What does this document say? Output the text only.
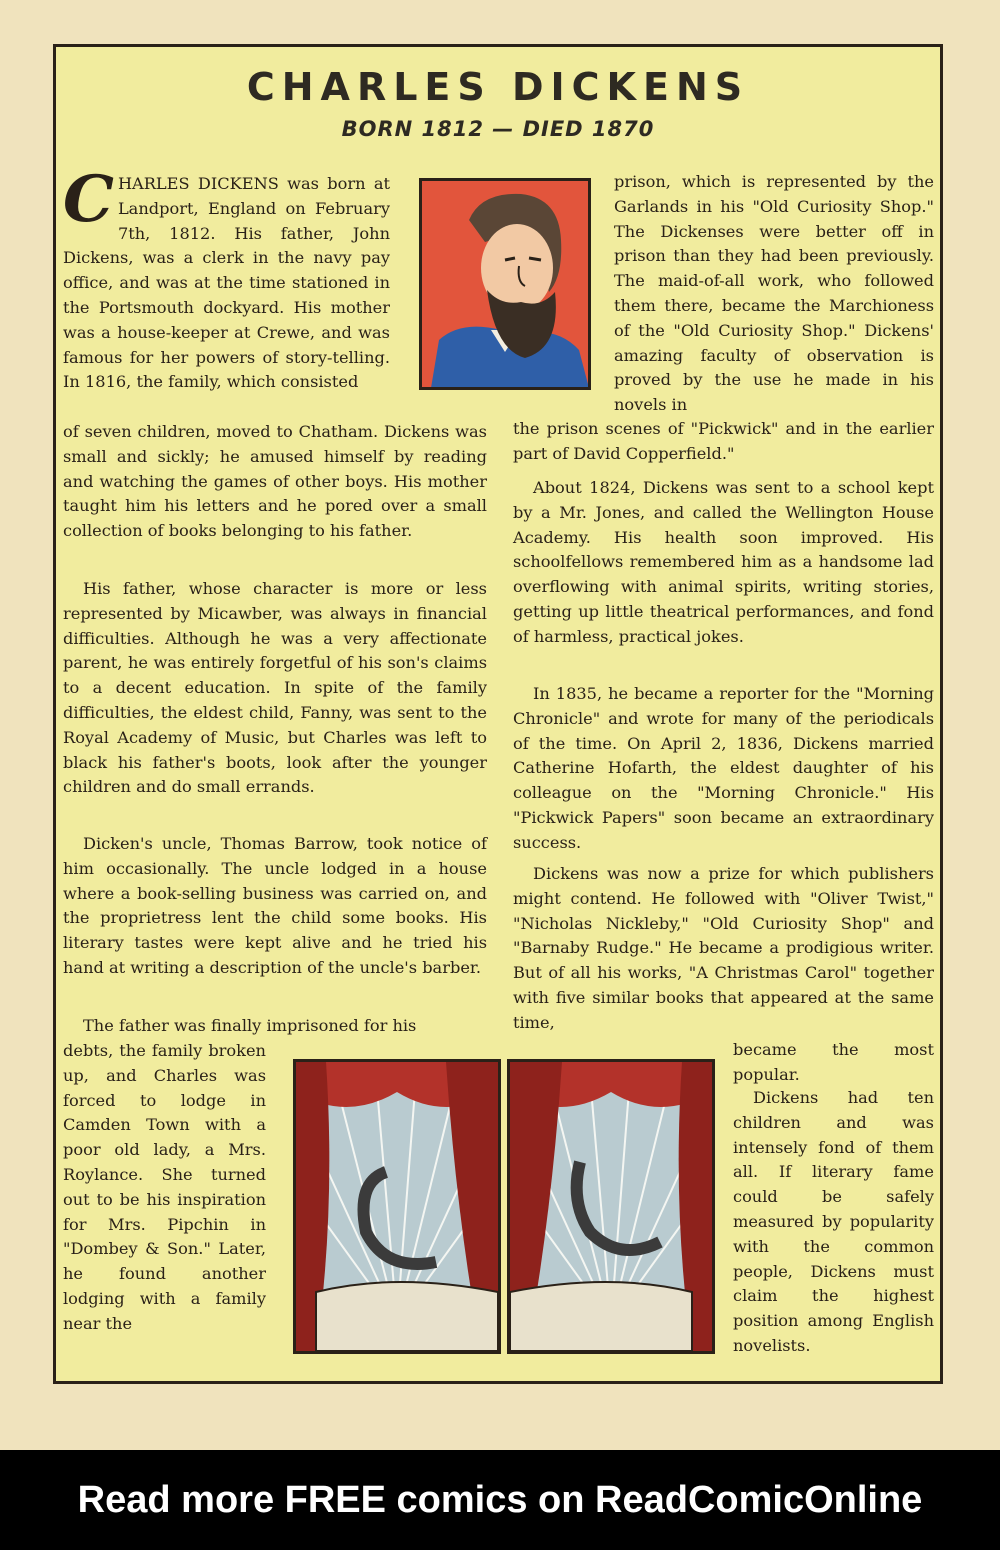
CHARLES DICKENS
BORN 1812 — DIED 1870

CHARLES DICKENS was born at Landport, England on February 7th, 1812. His father, John Dickens, was a clerk in the navy pay office, and was at the time stationed in the Portsmouth dockyard. His mother was a house-keeper at Crewe, and was famous for her powers of story-telling. In 1816, the family, which consisted

prison, which is represented by the Garlands in his "Old Curiosity Shop." The Dickenses were better off in prison than they had been previously. The maid-of-all work, who followed them there, became the Marchioness of the "Old Curiosity Shop." Dickens' amazing faculty of observation is proved by the use he made in his novels in

of seven children, moved to Chatham. Dickens was small and sickly; he amused himself by reading and watching the games of other boys. His mother taught him his letters and he pored over a small collection of books belonging to his father.

His father, whose character is more or less represented by Micawber, was always in financial difficulties. Although he was a very affectionate parent, he was entirely forgetful of his son's claims to a decent education. In spite of the family difficulties, the eldest child, Fanny, was sent to the Royal Academy of Music, but Charles was left to black his father's boots, look after the younger children and do small errands.

Dicken's uncle, Thomas Barrow, took notice of him occasionally. The uncle lodged in a house where a book-selling business was carried on, and the proprietress lent the child some books. His literary tastes were kept alive and he tried his hand at writing a description of the uncle's barber.

The father was finally imprisoned for his

the prison scenes of "Pickwick" and in the earlier part of David Copperfield."

About 1824, Dickens was sent to a school kept by a Mr. Jones, and called the Wellington House Academy. His health soon improved. His schoolfellows remembered him as a handsome lad overflowing with animal spirits, writing stories, getting up little theatrical performances, and fond of harmless, practical jokes.

In 1835, he became a reporter for the "Morning Chronicle" and wrote for many of the periodicals of the time. On April 2, 1836, Dickens married Catherine Hofarth, the eldest daughter of his colleague on the "Morning Chronicle." His "Pickwick Papers" soon became an extraordinary success.

Dickens was now a prize for which publishers might contend. He followed with "Oliver Twist," "Nicholas Nickleby," "Old Curiosity Shop" and "Barnaby Rudge." He became a prodigious writer. But of all his works, "A Christmas Carol" together with five similar books that appeared at the same time,

debts, the family broken up, and Charles was forced to lodge in Camden Town with a poor old lady, a Mrs. Roylance. She turned out to be his inspiration for Mrs. Pipchin in "Dombey & Son." Later, he found another lodging with a family near the

became the most popular.

Dickens had ten children and was intensely fond of them all. If literary fame could be safely measured by popularity with the common people, Dickens must claim the highest position among English novelists.

Read more FREE comics on ReadComicOnline
